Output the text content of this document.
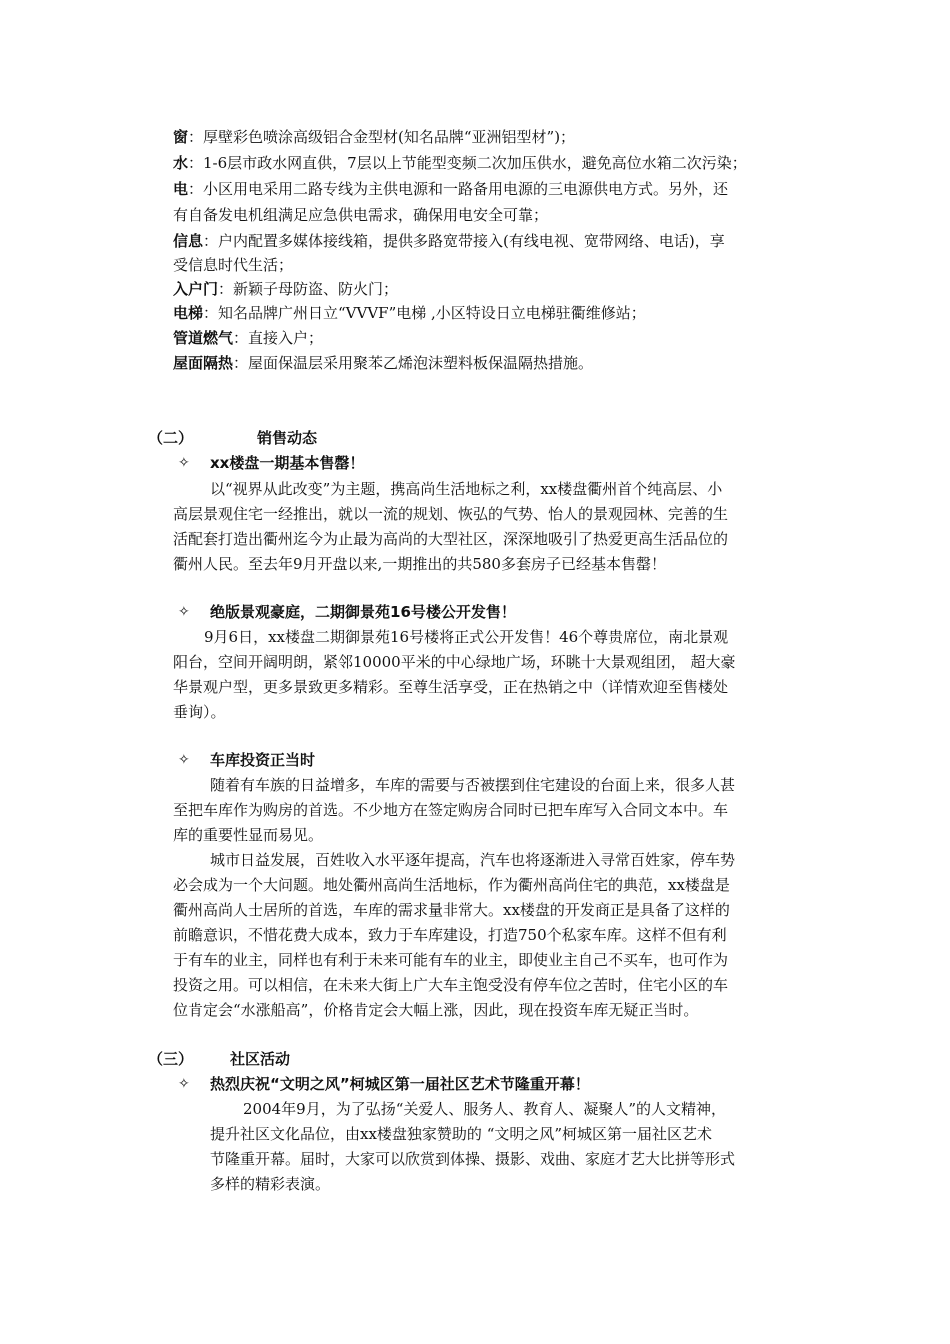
窗：厚壁彩色喷涂高级铝合金型材(知名品牌“亚洲铝型材”)；
水：1-6层市政水网直供，7层以上节能型变频二次加压供水，避免高位水箱二次污染；
电：小区用电采用二路专线为主供电源和一路备用电源的三电源供电方式。另外，还
有自备发电机组满足应急供电需求，确保用电安全可靠；
信息：户内配置多媒体接线箱，提供多路宽带接入(有线电视、宽带网络、电话)，享
受信息时代生活；
入户门：新颖子母防盗、防火门；
电梯：知名品牌广州日立“VVVF”电梯 ,小区特设日立电梯驻衢维修站；
管道燃气：直接入户；
屋面隔热：屋面保温层采用聚苯乙烯泡沫塑料板保温隔热措施。
（二）	销售动态
✧ xx楼盘一期基本售罄！
以“视界从此改变”为主题，携高尚生活地标之利，xx楼盘衢州首个纯高层、小
高层景观住宅一经推出，就以一流的规划、恢弘的气势、怡人的景观园林、完善的生
活配套打造出衢州迄今为止最为高尚的大型社区，深深地吸引了热爱更高生活品位的
衢州人民。至去年9月开盘以来,一期推出的共580多套房子已经基本售罄！
✧ 绝版景观豪庭，二期御景苑16号楼公开发售！
9月6日，xx楼盘二期御景苑16号楼将正式公开发售！46个尊贵席位，南北景观
阳台，空间开阔明朗，紧邻10000平米的中心绿地广场，环眺十大景观组团， 超大豪
华景观户型，更多景致更多精彩。至尊生活享受，正在热销之中（详情欢迎至售楼处
垂询）。
✧ 车库投资正当时
随着有车族的日益增多，车库的需要与否被摆到住宅建设的台面上来，很多人甚
至把车库作为购房的首选。不少地方在签定购房合同时已把车库写入合同文本中。车
库的重要性显而易见。
城市日益发展，百姓收入水平逐年提高，汽车也将逐渐进入寻常百姓家，停车势
必会成为一个大问题。地处衢州高尚生活地标，作为衢州高尚住宅的典范，xx楼盘是
衢州高尚人士居所的首选，车库的需求量非常大。xx楼盘的开发商正是具备了这样的
前瞻意识，不惜花费大成本，致力于车库建设，打造750个私家车库。这样不但有利
于有车的业主，同样也有利于未来可能有车的业主，即使业主自己不买车，也可作为
投资之用。可以相信，在未来大街上广大车主饱受没有停车位之苦时，住宅小区的车
位肯定会“水涨船高”，价格肯定会大幅上涨，因此，现在投资车库无疑正当时。
（三） 社区活动
✧ 热烈庆祝“文明之风”柯城区第一届社区艺术节隆重开幕！
2004年9月，为了弘扬“关爱人、服务人、教育人、凝聚人”的人文精神，
提升社区文化品位，由xx楼盘独家赞助的 “文明之风”柯城区第一届社区艺术
节隆重开幕。届时，大家可以欣赏到体操、摄影、戏曲、家庭才艺大比拼等形式
多样的精彩表演。
